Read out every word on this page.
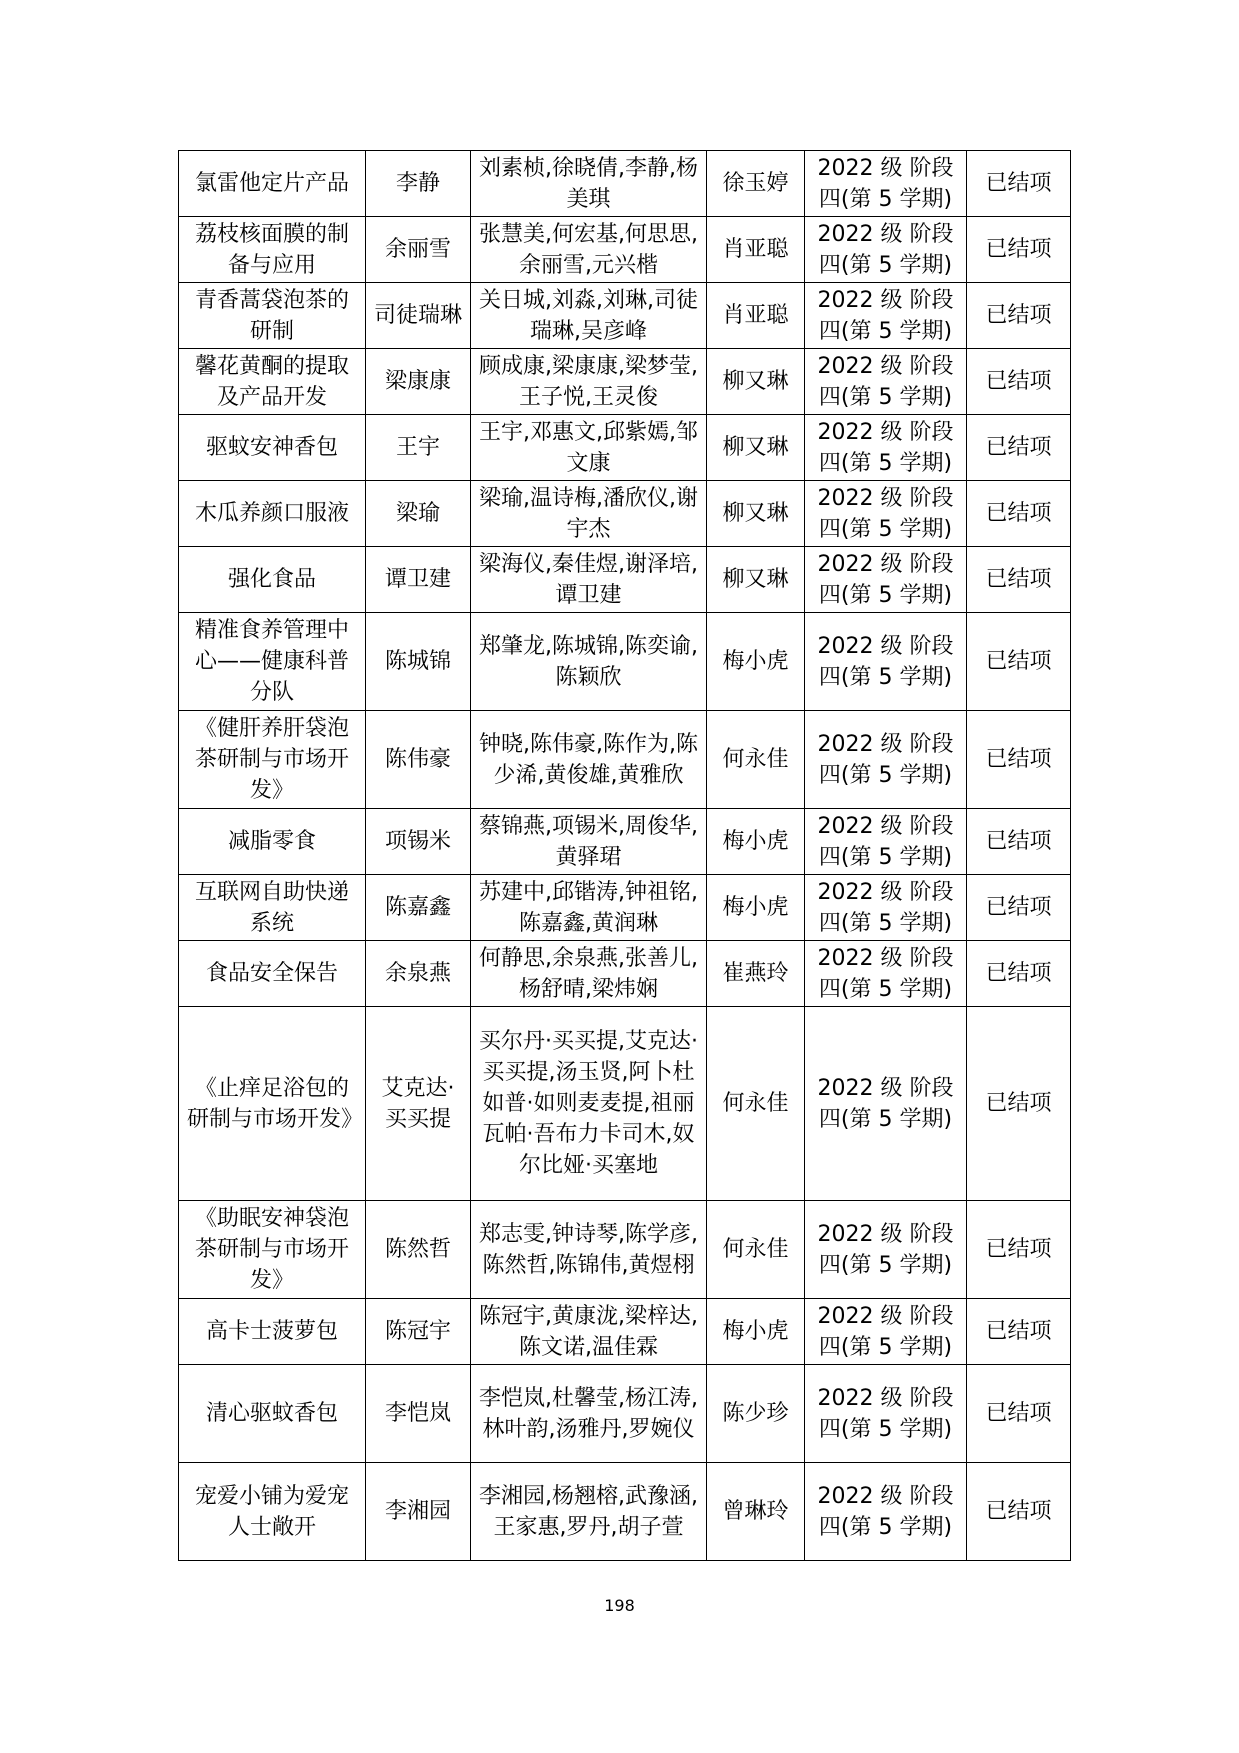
氯雷他定片产品	李静	刘素桢,徐晓倩,李静,杨美琪	徐玉婷	2022 级 阶段四(第 5 学期)	已结项
荔枝核面膜的制备与应用	余丽雪	张慧美,何宏基,何思思,余丽雪,元兴楷	肖亚聪	2022 级 阶段四(第 5 学期)	已结项
青香蒿袋泡茶的研制	司徒瑞琳	关日城,刘淼,刘琳,司徒瑞琳,吴彦峰	肖亚聪	2022 级 阶段四(第 5 学期)	已结项
馨花黄酮的提取及产品开发	梁康康	顾成康,梁康康,梁梦莹,王子悦,王灵俊	柳又琳	2022 级 阶段四(第 5 学期)	已结项
驱蚊安神香包	王宇	王宇,邓惠文,邱紫嫣,邹文康	柳又琳	2022 级 阶段四(第 5 学期)	已结项
木瓜养颜口服液	梁瑜	梁瑜,温诗梅,潘欣仪,谢宇杰	柳又琳	2022 级 阶段四(第 5 学期)	已结项
强化食品	谭卫建	梁海仪,秦佳煜,谢泽培,谭卫建	柳又琳	2022 级 阶段四(第 5 学期)	已结项
精准食养管理中心——健康科普分队	陈城锦	郑肇龙,陈城锦,陈奕谕,陈颖欣	梅小虎	2022 级 阶段四(第 5 学期)	已结项
《健肝养肝袋泡茶研制与市场开发》	陈伟豪	钟晓,陈伟豪,陈作为,陈少浠,黄俊雄,黄雅欣	何永佳	2022 级 阶段四(第 5 学期)	已结项
减脂零食	项锡米	蔡锦燕,项锡米,周俊华,黄驿珺	梅小虎	2022 级 阶段四(第 5 学期)	已结项
互联网自助快递系统	陈嘉鑫	苏建中,邱锴涛,钟祖铭,陈嘉鑫,黄润琳	梅小虎	2022 级 阶段四(第 5 学期)	已结项
食品安全保告	余泉燕	何静思,余泉燕,张善儿,杨舒晴,梁炜娴	崔燕玲	2022 级 阶段四(第 5 学期)	已结项
《止痒足浴包的研制与市场开发》	艾克达·买买提	买尔丹·买买提,艾克达·买买提,汤玉贤,阿卜杜如普·如则麦麦提,祖丽瓦帕·吾布力卡司木,奴尔比娅·买塞地	何永佳	2022 级 阶段四(第 5 学期)	已结项
《助眠安神袋泡茶研制与市场开发》	陈然哲	郑志雯,钟诗琴,陈学彦,陈然哲,陈锦伟,黄煜栩	何永佳	2022 级 阶段四(第 5 学期)	已结项
高卡士菠萝包	陈冠宇	陈冠宇,黄康泷,梁梓达,陈文诺,温佳霖	梅小虎	2022 级 阶段四(第 5 学期)	已结项
清心驱蚊香包	李恺岚	李恺岚,杜馨莹,杨江涛,林叶韵,汤雅丹,罗婉仪	陈少珍	2022 级 阶段四(第 5 学期)	已结项
宠爱小铺为爱宠人士敞开	李湘园	李湘园,杨翘榕,武豫涵,王家惠,罗丹,胡子萱	曾琳玲	2022 级 阶段四(第 5 学期)	已结项
198
